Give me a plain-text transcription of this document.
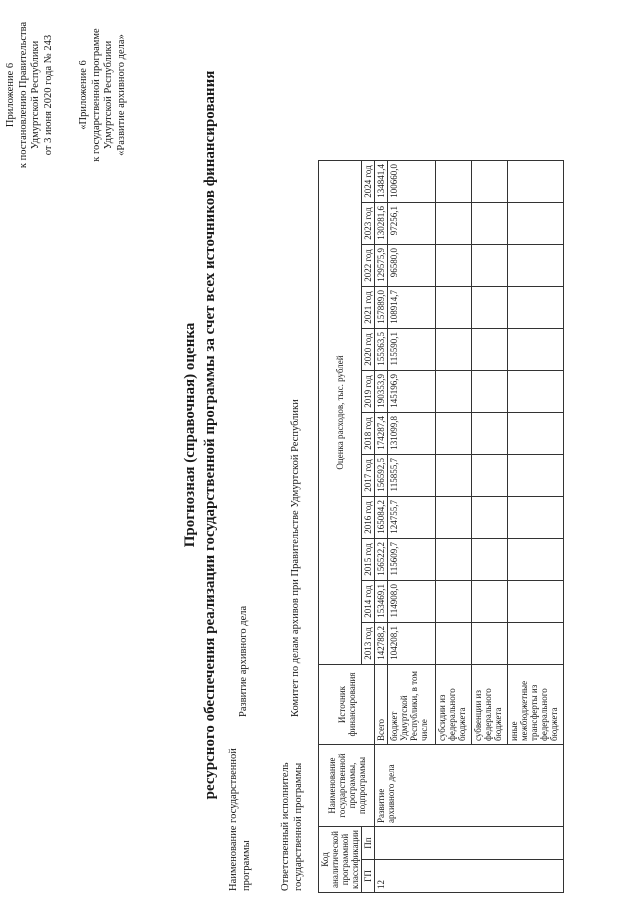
Приложение 6 к постановлению Правительства Удмуртской Республики от 3 июня 2020 года № 243 «Приложение 6 к государственной программе Удмуртской Республики «Развитие архивного дела»
Прогнозная (справочная) оценка ресурсного обеспечения реализации государственной программы за счет всех источников финансирования
Наименование государственной программы
Развитие архивного дела
Ответственный исполнитель государственной программы
Комитет по делам архивов при Правительстве Удмуртской Республики
Код аналитической программной классификации		Наименование государственной программы, подпрограммы	Источник финансирования	Оценка расходов, тыс. рублей											
ГП	Пп			2013 год	2014 год	2015 год	2016 год	2017 год	2018 год	2019 год	2020 год	2021 год	2022 год	2023 год	2024 год

12		Развитие архивного дела	Всего	142788,2	153469,1	156522,2	165084,2	156592,5	174287,4	190353,9	155363,5	157889,0	129575,9	130281,6	134841,4
			бюджет Удмуртской Республики, в том числе	104208,1	114908,0	115609,7	124755,7	115855,7	131099,8	145196,9	115590,1	108914,7	96580,0	97256,1	100660,0
			субсидии из федерального бюджета												
			субвенции из федерального бюджета												
			иные межбюджетные трансферты из федерального бюджета												
